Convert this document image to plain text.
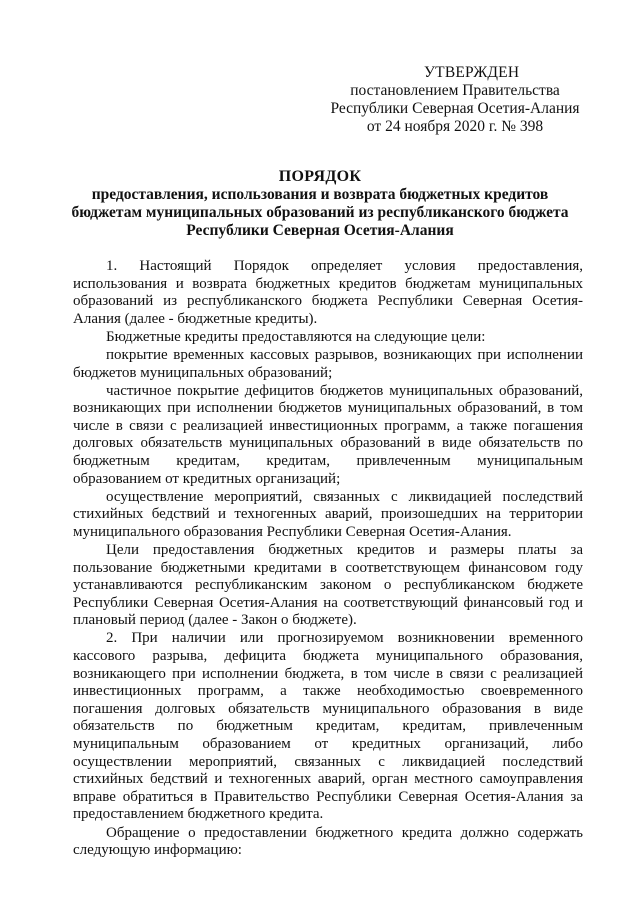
УТВЕРЖДЕН
постановлением Правительства
Республики Северная Осетия-Алания
от 24 ноября 2020 г. № 398
ПОРЯДОК
предоставления, использования и возврата бюджетных кредитов
бюджетам муниципальных образований из республиканского бюджета
Республики Северная Осетия-Алания

1. Настоящий Порядок определяет условия предоставления, использования и возврата бюджетных кредитов бюджетам муниципальных образований из республиканского бюджета Республики Северная Осетия-Алания (далее - бюджетные кредиты).

Бюджетные кредиты предоставляются на следующие цели:

покрытие временных кассовых разрывов, возникающих при исполнении бюджетов муниципальных образований;

частичное покрытие дефицитов бюджетов муниципальных образований, возникающих при исполнении бюджетов муниципальных образований, в том числе в связи с реализацией инвестиционных программ, а также погашения долговых обязательств муниципальных образований в виде обязательств по бюджетным кредитам, кредитам, привлеченным муниципальным образованием от кредитных организаций;

осуществление мероприятий, связанных с ликвидацией последствий стихийных бедствий и техногенных аварий, произошедших на территории муниципального образования Республики Северная Осетия-Алания.

Цели предоставления бюджетных кредитов и размеры платы за пользование бюджетными кредитами в соответствующем финансовом году устанавливаются республиканским законом о республиканском бюджете Республики Северная Осетия-Алания на соответствующий финансовый год и плановый период (далее - Закон о бюджете).

2. При наличии или прогнозируемом возникновении временного кассового разрыва, дефицита бюджета муниципального образования, возникающего при исполнении бюджета, в том числе в связи с реализацией инвестиционных программ, а также необходимостью своевременного погашения долговых обязательств муниципального образования в виде обязательств по бюджетным кредитам, кредитам, привлеченным муниципальным образованием от кредитных организаций, либо осуществлении мероприятий, связанных с ликвидацией последствий стихийных бедствий и техногенных аварий, орган местного самоуправления вправе обратиться в Правительство Республики Северная Осетия-Алания за предоставлением бюджетного кредита.

Обращение о предоставлении бюджетного кредита должно содержать следующую информацию:
